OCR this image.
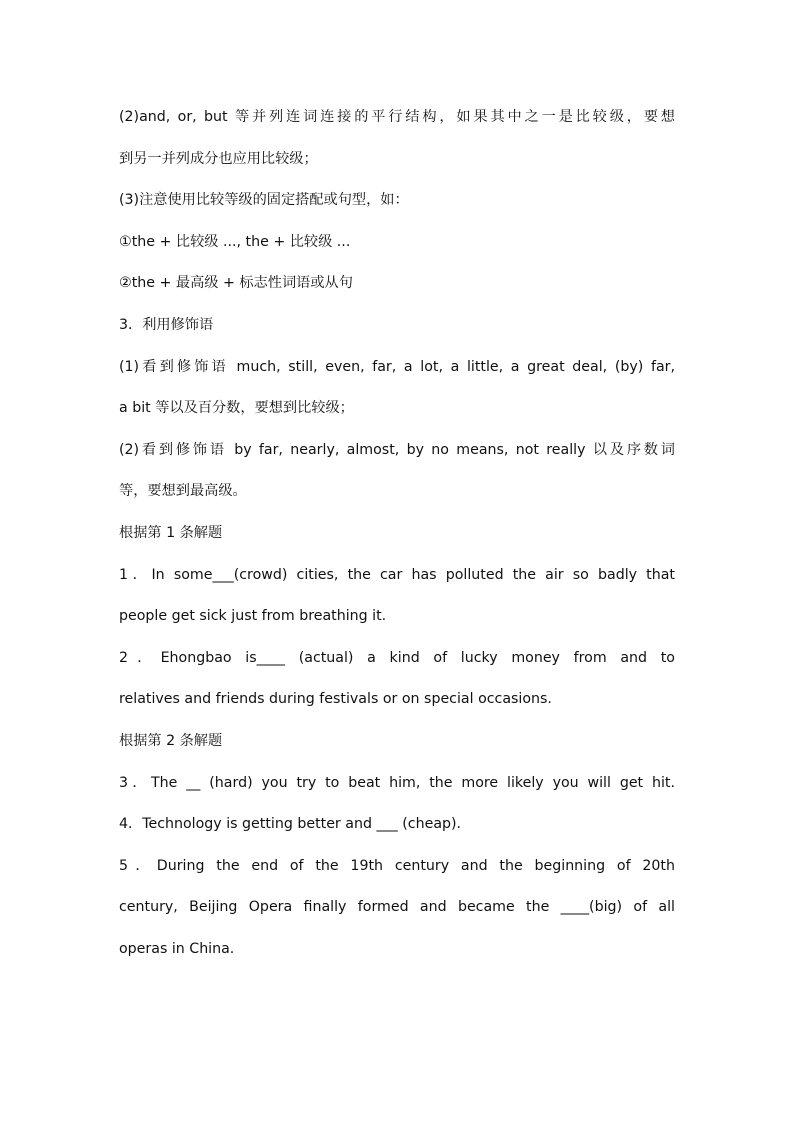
(2)and, or, but 等并列连词连接的平行结构，如果其中之一是比较级，要想
到另一并列成分也应用比较级；
(3)注意使用比较等级的固定搭配或句型，如：
①the + 比较级 ..., the + 比较级 ...
②the + 最高级 + 标志性词语或从句
3．利用修饰语
(1)看到修饰语 much, still, even, far, a lot, a little, a great deal, (by) far,
a bit 等以及百分数，要想到比较级；
(2)看到修饰语 by far, nearly, almost, by no means, not really 以及序数词
等，要想到最高级。
根据第 1 条解题
1．In some___(crowd) cities, the car has polluted the air so badly that
people get sick just from breathing it.
2．Ehongbao is____ (actual) a kind of lucky money from and to
relatives and friends during festivals or on special occasions.
根据第 2 条解题
3．The __ (hard) you try to beat him, the more likely you will get hit.
4．Technology is getting better and ___ (cheap)．
5．During the end of the 19th century and the beginning of 20th
century, Beijing Opera finally formed and became the ____(big) of all
operas in China.
